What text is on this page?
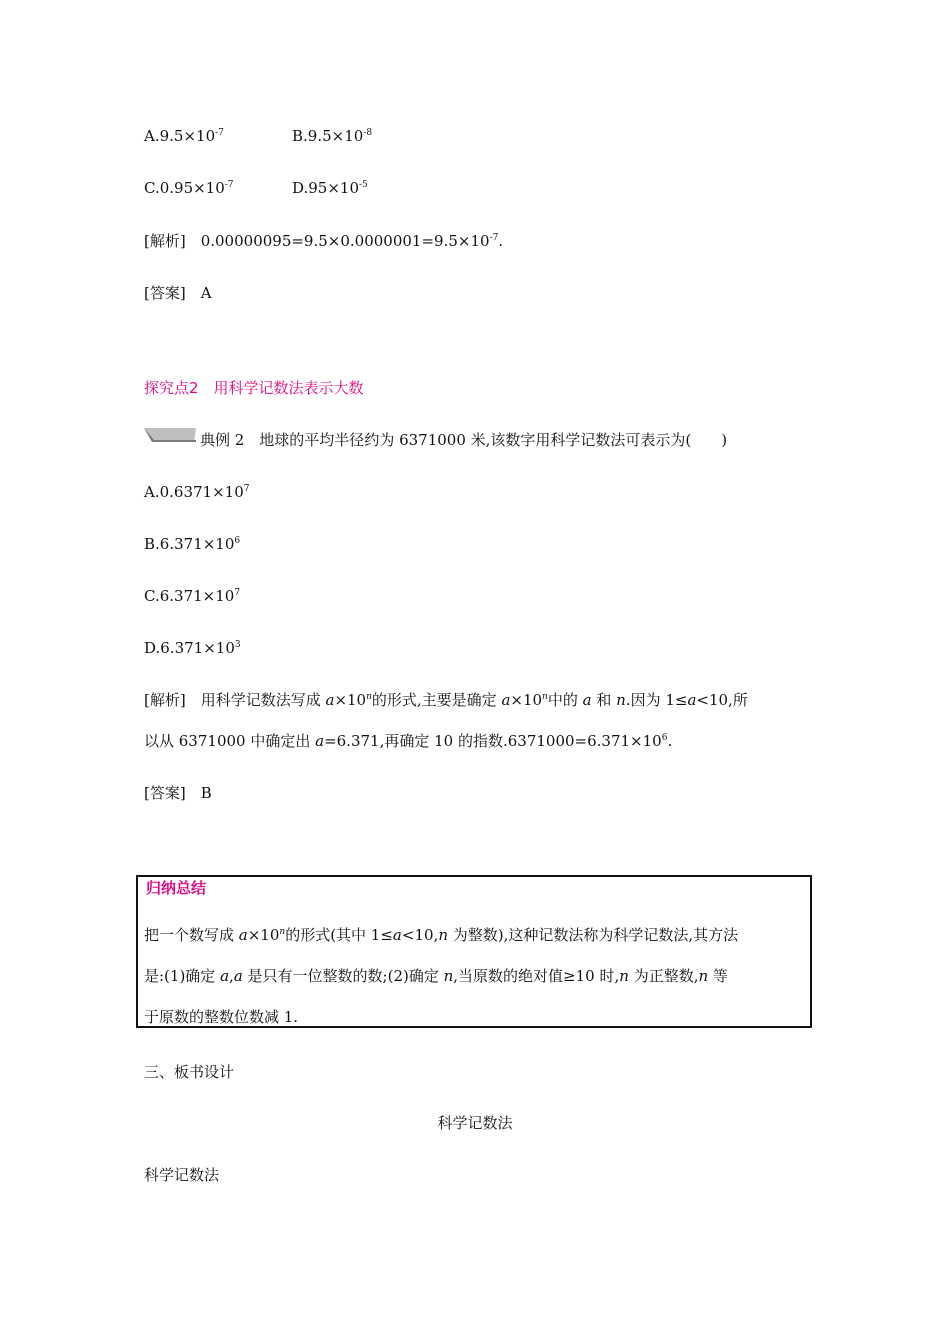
$A.9.5\times 10^{-7}$	$B.9.5\times 10^{-8}$
$C.0.95\times 10^{-7}$	$D.95\times 10^{-5}$
[解析]　$0.00000095=9.5\times 0.0000001=9.5\times 10^{-7}$.
[答案]　A
探究点2　用科学记数法表示大数
典例 2　地球的平均半径约为 6371000 米,该数字用科学记数法可表示为(　　)
$A.0.6371\times 10^7$
$B.6.371\times 10^6$
$C.6.371\times 10^7$
$D.6.371\times 10^3$
[解析]　用科学记数法写成 $a\times 10^n$的形式,主要是确定 $a\times 10^n$中的 a 和 n.因为 1≤a<10,所
以从 6371000 中确定出 a=6.371,再确定 10 的指数$.6371000=6.371\times 10^6$.
[答案]　B
归纳总结
把一个数写成 $a\times 10^n$的形式(其中 1≤a<10,n 为整数),这种记数法称为科学记数法,其方法
是:(1)确定 a,a 是只有一位整数的数;(2)确定 n,当原数的绝对值≥10 时,n 为正整数,n 等
于原数的整数位数减 1.
三、板书设计
科学记数法
科学记数法
